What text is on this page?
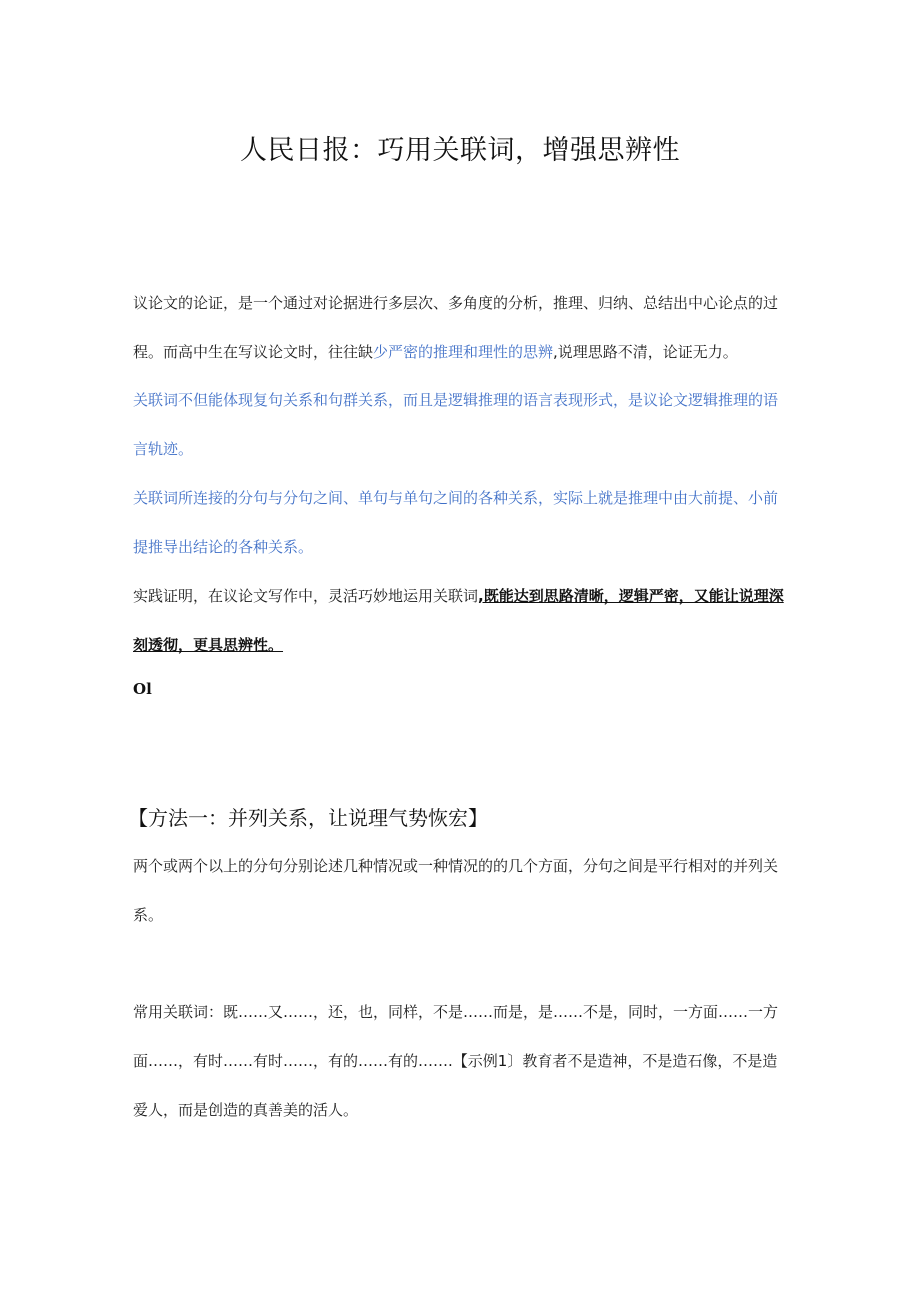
人民日报：巧用关联词，增强思辨性

议论文的论证，是一个通过对论据进行多层次、多角度的分析，推理、归纳、总结出中心论点的过程。而高中生在写议论文时，往往缺少严密的推理和理性的思辨,说理思路不清，论证无力。

关联词不但能体现复句关系和句群关系，而且是逻辑推理的语言表现形式，是议论文逻辑推理的语言轨迹。

关联词所连接的分句与分句之间、单句与单句之间的各种关系，实际上就是推理中由大前提、小前提推导出结论的各种关系。

实践证明，在议论文写作中，灵活巧妙地运用关联词,既能达到思路清晰，逻辑严密，又能让说理深刻透彻，更具思辨性。

Ol

【方法一：并列关系，让说理气势恢宏】

两个或两个以上的分句分别论述几种情况或一种情况的的几个方面，分句之间是平行相对的并列关系。

常用关联词：既……又……，还，也，同样，不是……而是，是……不是，同时，一方面……一方面……，有时……有时……，有的……有的…….【示例1〕教育者不是造神，不是造石像，不是造爱人，而是创造的真善美的活人。
